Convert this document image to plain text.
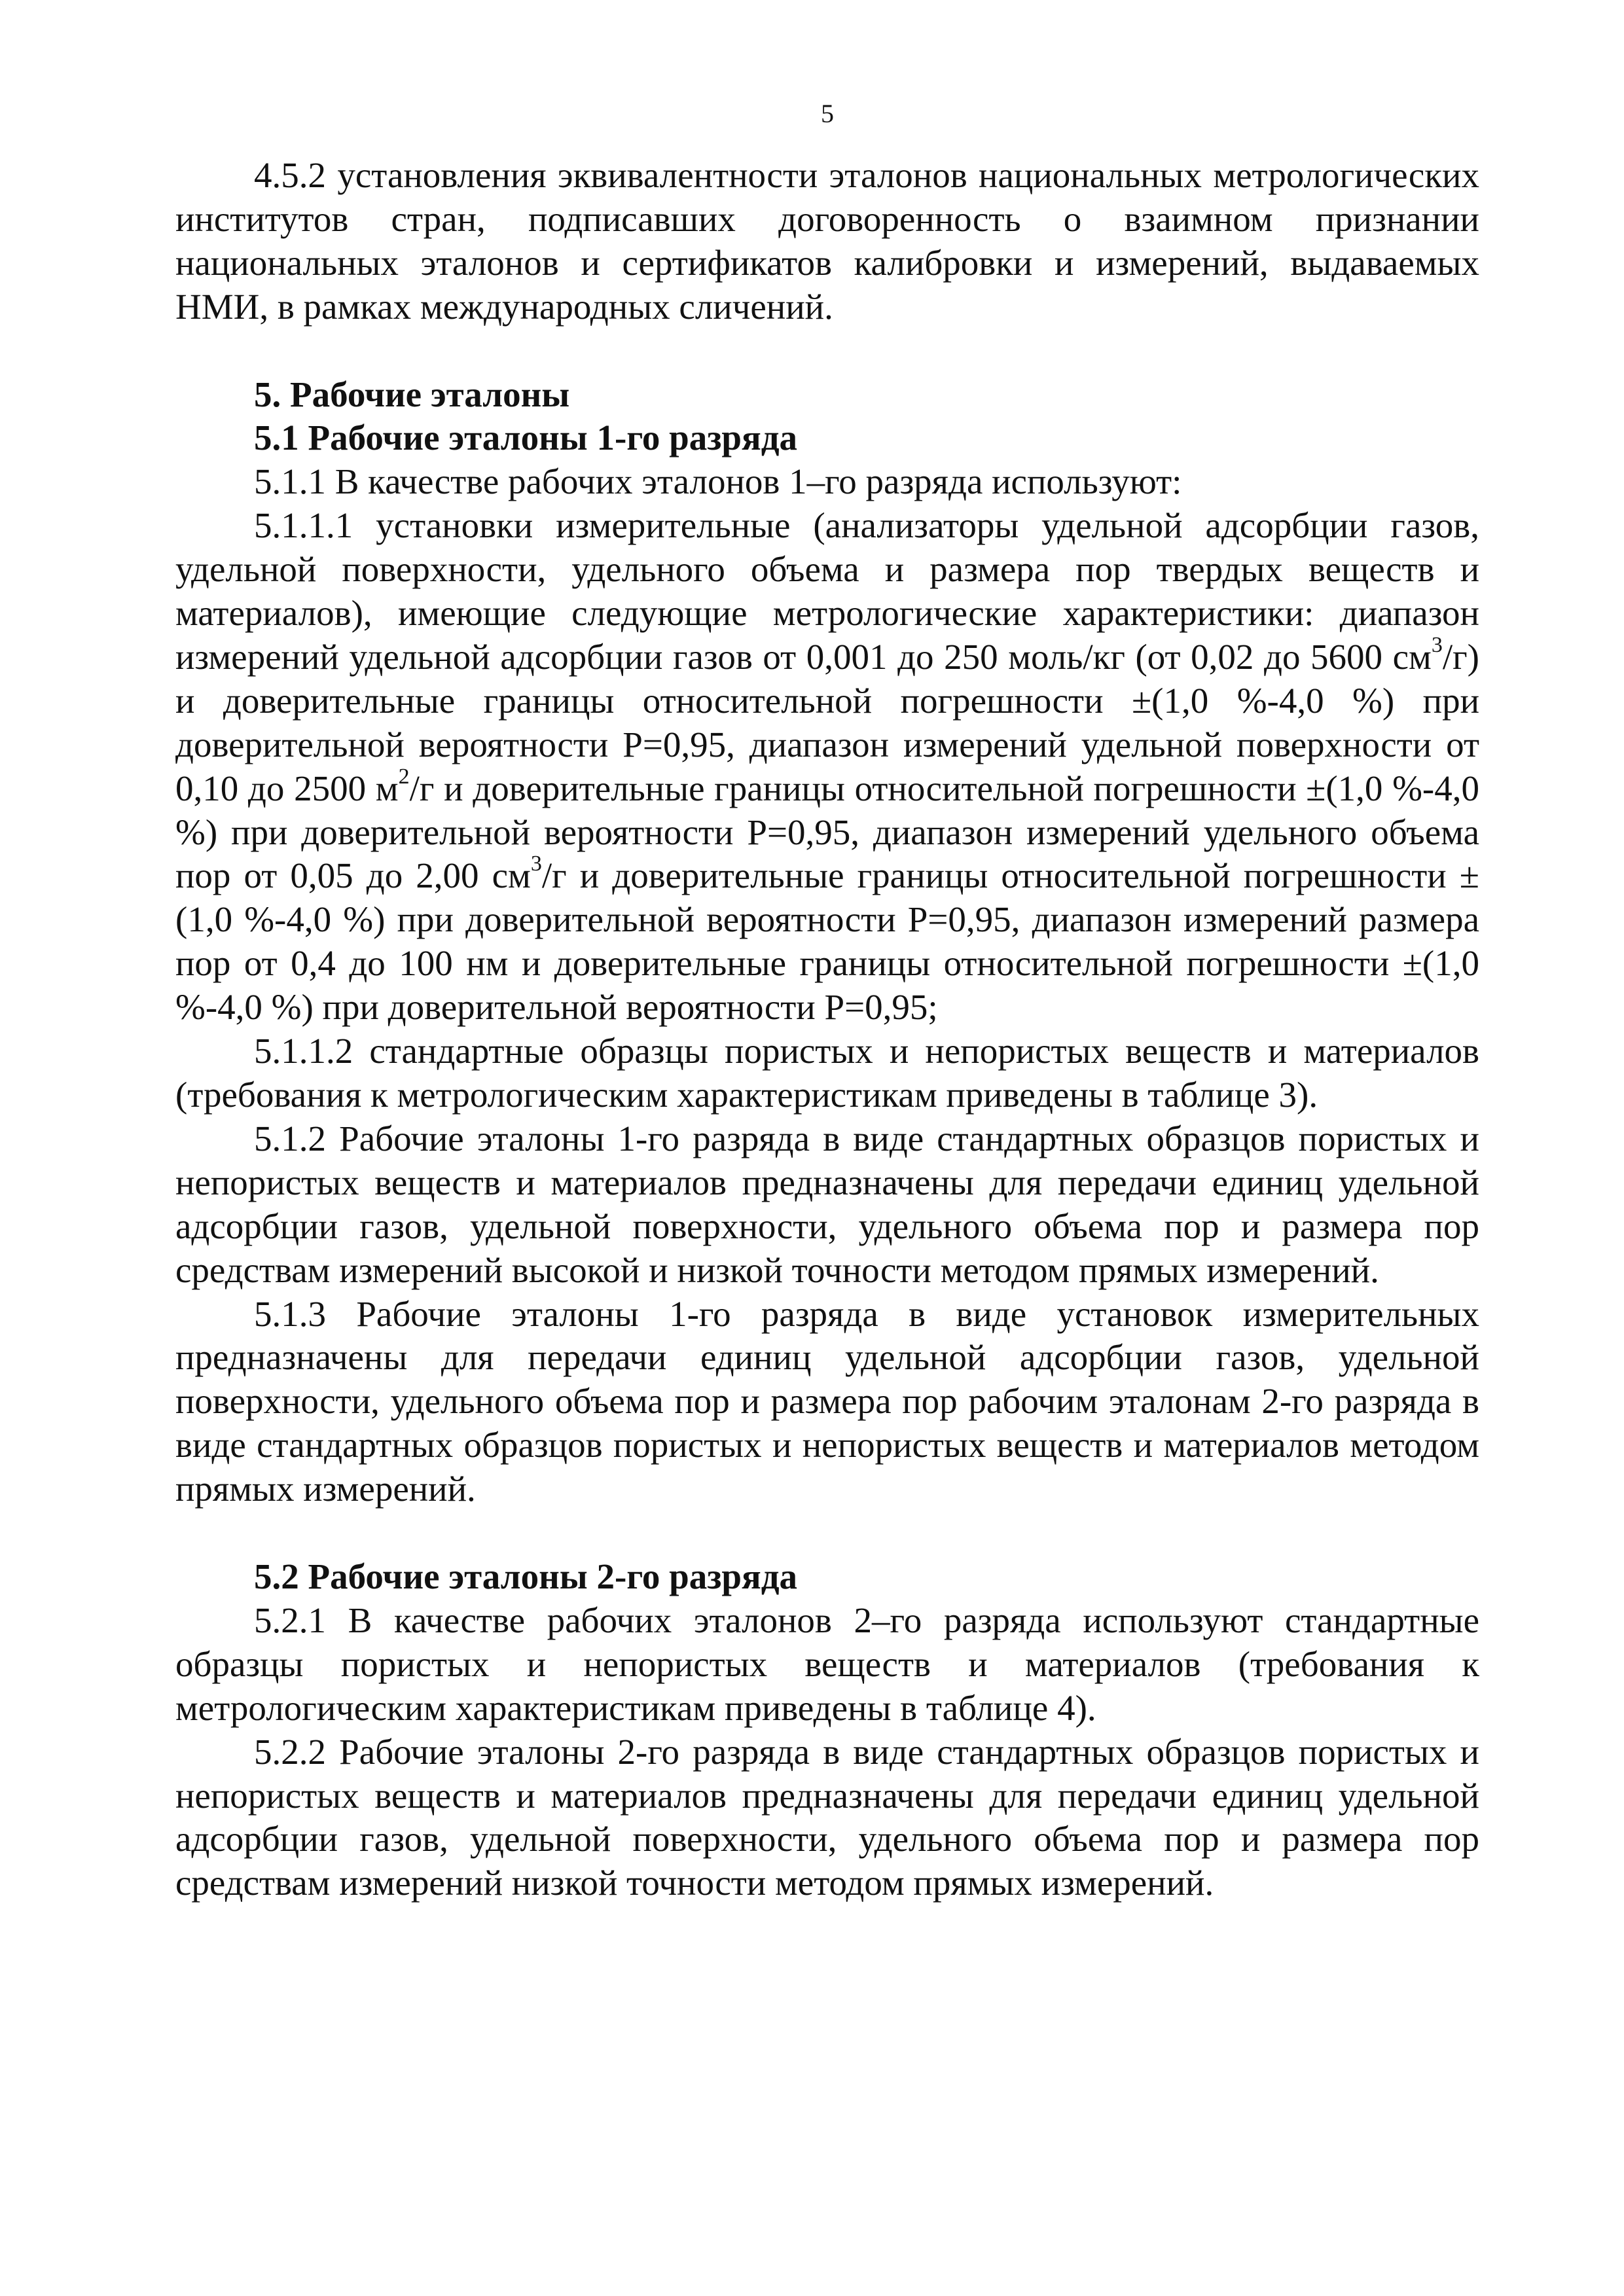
5

4.5.2 установления эквивалентности эталонов национальных метрологических институтов стран, подписавших договоренность о взаимном признании национальных эталонов и сертификатов калибровки и измерений, выдаваемых НМИ, в рамках международных сличений.

5. Рабочие эталоны

5.1 Рабочие эталоны 1-го разряда

5.1.1 В качестве рабочих эталонов 1–го разряда используют:

5.1.1.1 установки измерительные (анализаторы удельной адсорбции газов, удельной поверхности, удельного объема и размера пор твердых веществ и материалов), имеющие следующие метрологические характеристики: диапазон измерений удельной адсорбции газов от 0,001 до 250 моль/кг (от 0,02 до 5600 $см^3/г$) и доверительные границы относительной погрешности ±(1,0 %-4,0 %) при доверительной вероятности Р=0,95, диапазон измерений удельной поверхности от 0,10 до 2500 $м^2/г$ и доверительные границы относительной погрешности ±(1,0 %-4,0 %) при доверительной вероятности Р=0,95, диапазон измерений удельного объема пор от 0,05 до 2,00 $см^3/г$ и доверительные границы относительной погрешности ±(1,0 %-4,0 %) при доверительной вероятности Р=0,95, диапазон измерений размера пор от 0,4 до 100 нм и доверительные границы относительной погрешности ±(1,0 %-4,0 %) при доверительной вероятности Р=0,95;

5.1.1.2 стандартные образцы пористых и непористых веществ и материалов (требования к метрологическим характеристикам приведены в таблице 3).

5.1.2 Рабочие эталоны 1-го разряда в виде стандартных образцов пористых и непористых веществ и материалов предназначены для передачи единиц удельной адсорбции газов, удельной поверхности, удельного объема пор и размера пор средствам измерений высокой и низкой точности методом прямых измерений.

5.1.3 Рабочие эталоны 1-го разряда в виде установок измерительных предназначены для передачи единиц удельной адсорбции газов, удельной поверхности, удельного объема пор и размера пор рабочим эталонам 2-го разряда в виде стандартных образцов пористых и непористых веществ и материалов методом прямых измерений.

5.2 Рабочие эталоны 2-го разряда

5.2.1 В качестве рабочих эталонов 2–го разряда используют стандартные образцы пористых и непористых веществ и материалов (требования к метрологическим характеристикам приведены в таблице 4).

5.2.2 Рабочие эталоны 2-го разряда в виде стандартных образцов пористых и непористых веществ и материалов предназначены для передачи единиц удельной адсорбции газов, удельной поверхности, удельного объема пор и размера пор средствам измерений низкой точности методом прямых измерений.
